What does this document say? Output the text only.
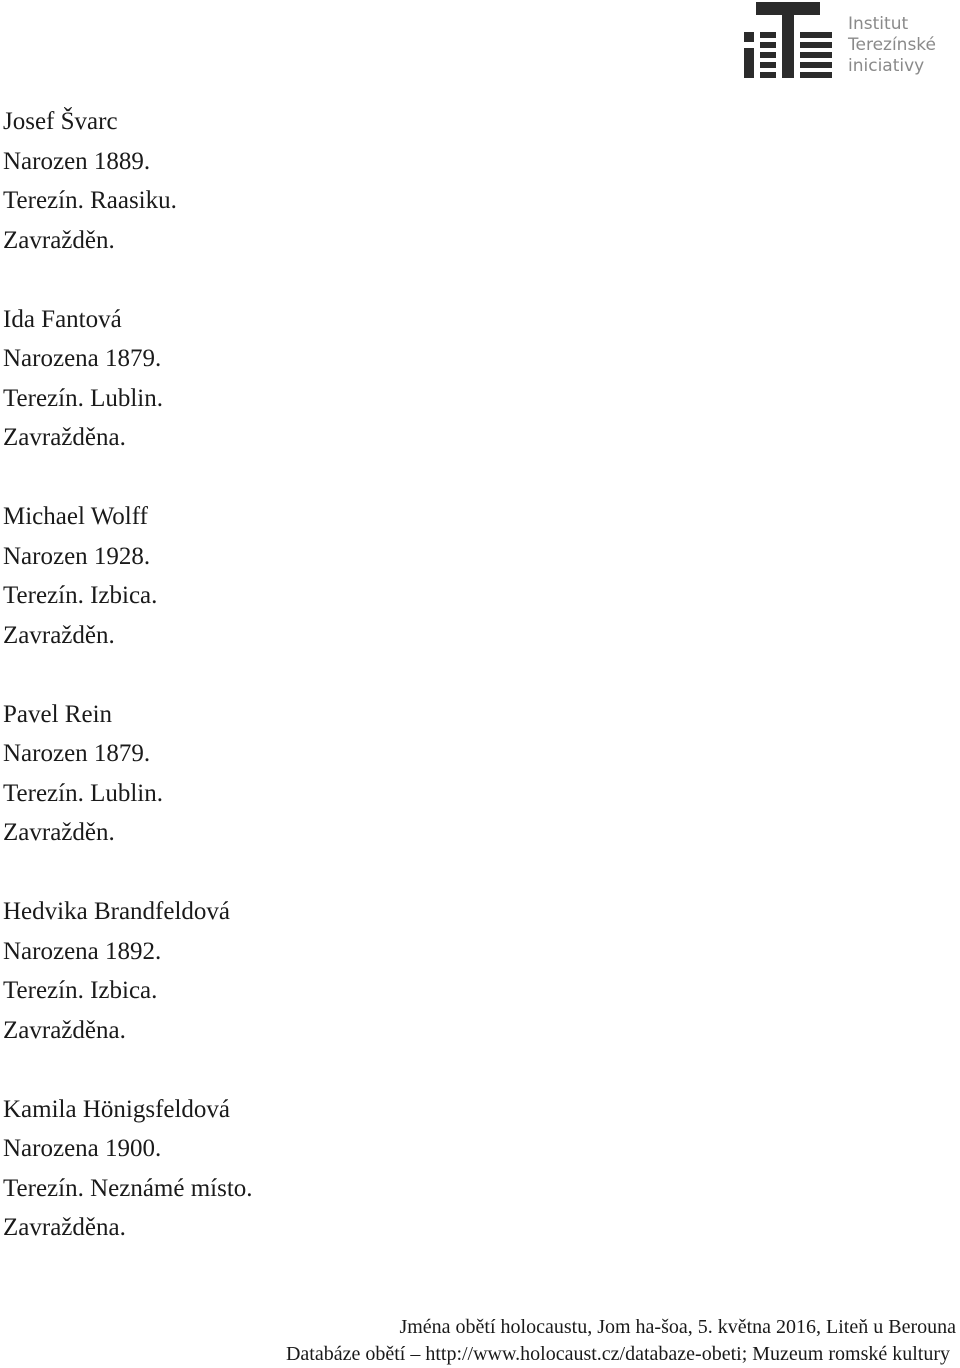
Institut
Terezínské
iniciativy
Josef Švarc
Narozen 1889.
Terezín. Raasiku.
Zavražděn.
Ida Fantová
Narozena 1879.
Terezín. Lublin.
Zavražděna.
Michael Wolff
Narozen 1928.
Terezín. Izbica.
Zavražděn.
Pavel Rein
Narozen 1879.
Terezín. Lublin.
Zavražděn.
Hedvika Brandfeldová
Narozena 1892.
Terezín. Izbica.
Zavražděna.
Kamila Hönigsfeldová
Narozena 1900.
Terezín. Neznámé místo.
Zavražděna.
Jména obětí holocaustu, Jom ha-šoa, 5. května 2016, Liteň u Berouna
Databáze obětí – http://www.holocaust.cz/databaze-obeti; Muzeum romské kultury
